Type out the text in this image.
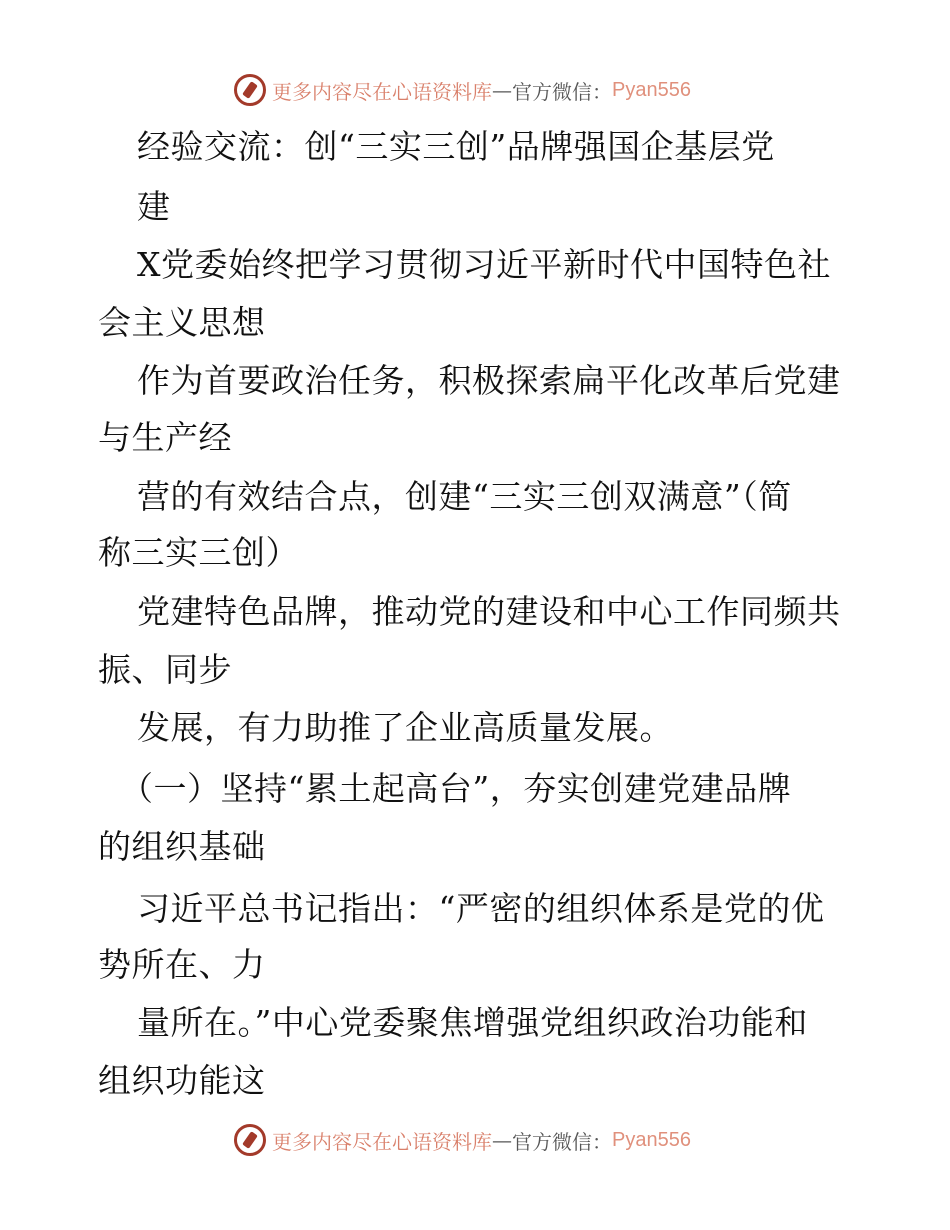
更多内容尽在心语资料库 — 官方微信： Pyan556
经验交流：创“三实三创”品牌强国企基层党
建
X党委始终把学习贯彻习近平新时代中国特色社
会主义思想
作为首要政治任务，积极探索扁平化改革后党建
与生产经
营的有效结合点，创建“三实三创双满意”（简
称三实三创）
党建特色品牌，推动党的建设和中心工作同频共
振、同步
发展，有力助推了企业高质量发展。
（一）坚持“累土起高台”，夯实创建党建品牌
的组织基础
习近平总书记指出：“严密的组织体系是党的优
势所在、力
量所在。”中心党委聚焦增强党组织政治功能和
组织功能这
更多内容尽在心语资料库 — 官方微信： Pyan556
